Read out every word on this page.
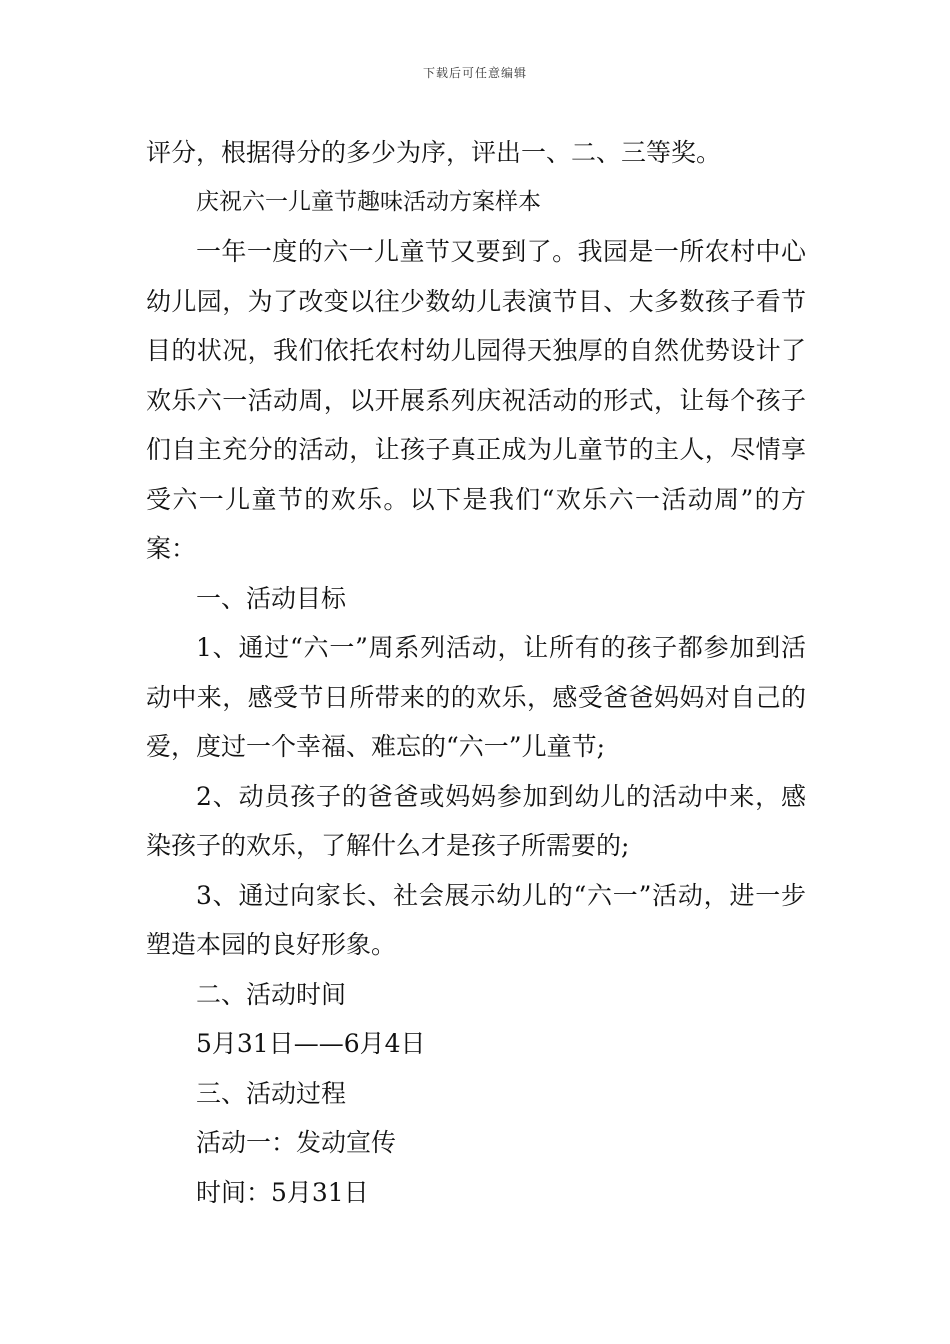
下载后可任意编辑

评分，根据得分的多少为序，评出一、二、三等奖。

庆祝六一儿童节趣味活动方案样本

一年一度的六一儿童节又要到了。我园是一所农村中心幼儿园，为了改变以往少数幼儿表演节目、大多数孩子看节目的状况，我们依托农村幼儿园得天独厚的自然优势设计了欢乐六一活动周，以开展系列庆祝活动的形式，让每个孩子们自主充分的活动，让孩子真正成为儿童节的主人，尽情享受六一儿童节的欢乐。以下是我们“欢乐六一活动周”的方案：

一、活动目标

1、通过“六一”周系列活动，让所有的孩子都参加到活动中来，感受节日所带来的的欢乐，感受爸爸妈妈对自己的爱，度过一个幸福、难忘的“六一”儿童节;

2、动员孩子的爸爸或妈妈参加到幼儿的活动中来，感染孩子的欢乐，了解什么才是孩子所需要的;

3、通过向家长、社会展示幼儿的“六一”活动，进一步塑造本园的良好形象。

二、活动时间

5月31日——6月4日

三、活动过程

活动一：发动宣传

时间：5月31日
